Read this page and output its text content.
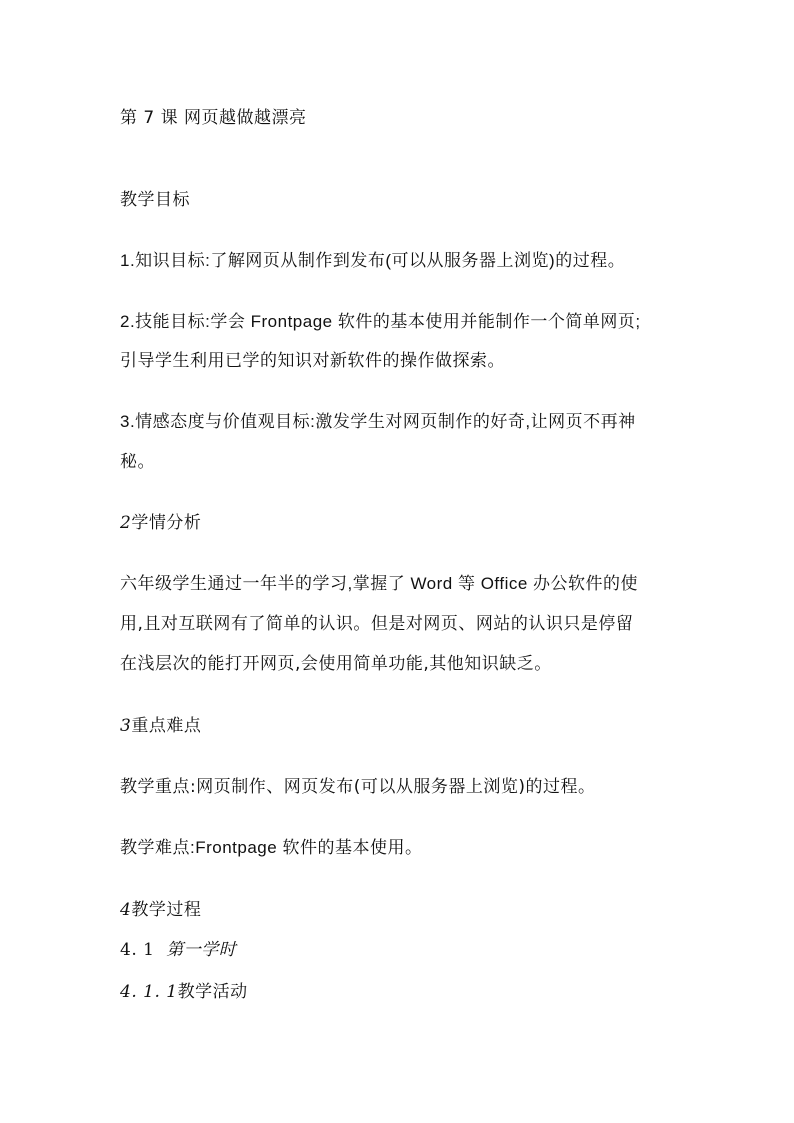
第 7 课 网页越做越漂亮
教学目标
1.知识目标:了解网页从制作到发布(可以从服务器上浏览)的过程。
2.技能目标:学会 Frontpage 软件的基本使用并能制作一个简单网页;
引导学生利用已学的知识对新软件的操作做探索。
3.情感态度与价值观目标:激发学生对网页制作的好奇,让网页不再神
秘。
2学情分析
六年级学生通过一年半的学习,掌握了 Word 等 Office 办公软件的使
用,且对互联网有了简单的认识。但是对网页、网站的认识只是停留
在浅层次的能打开网页,会使用简单功能,其他知识缺乏。
3重点难点
教学重点:网页制作、网页发布(可以从服务器上浏览)的过程。
教学难点:Frontpage 软件的基本使用。
4教学过程
4. 1 第一学时
4. 1. 1教学活动
